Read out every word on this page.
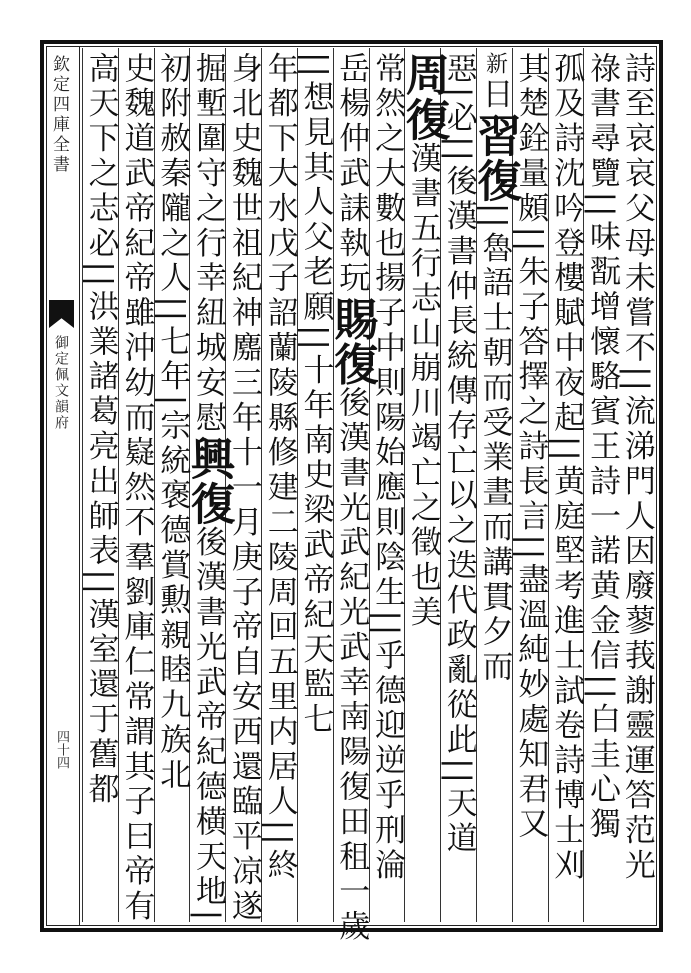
欽定四庫全書
御定佩文韻府
四十四	詩至哀哀父母未嘗不||流涕門人因廢蓼莪謝靈運答范光
祿書尋覽||味翫增懷駱賓王詩一諾黄金信||白圭心獨
孤及詩沈吟登樓賦中夜起||黄庭堅考進士試卷詩博士刈
其楚銓量頗||朱子答擇之詩長言||盡溫純妙處知君又
新日習復||魯語士朝而受業晝而講貫夕而
惡|必||後漢書仲長統傳存亡以之迭代政亂從此||天道
周復漢書五行志山崩川竭亡之徵也美
常然之大數也揚子中則陽始應則陰生||乎德迎逆乎刑淪
岳楊仲武誄執玩賜復後漢書光武紀光武幸南陽復田租一歲
||想見其人父老願||十年南史梁武帝紀天監七
年都下大水戊子詔蘭陵縣修建二陵周回五里内居人||終
身北史魏世祖紀神䴥三年十一月庚子帝自安西還臨平凉遂
掘塹圍守之行幸紐城安慰興復後漢書光武帝紀德横天地||
初附赦秦隴之人||七年|宗統褒德賞勲親睦九族北
史魏道武帝紀帝雖沖幼而嶷然不羣劉庫仁常謂其子曰帝有
高天下之志必||洪業諸葛亮出師表||漢室還于舊都
